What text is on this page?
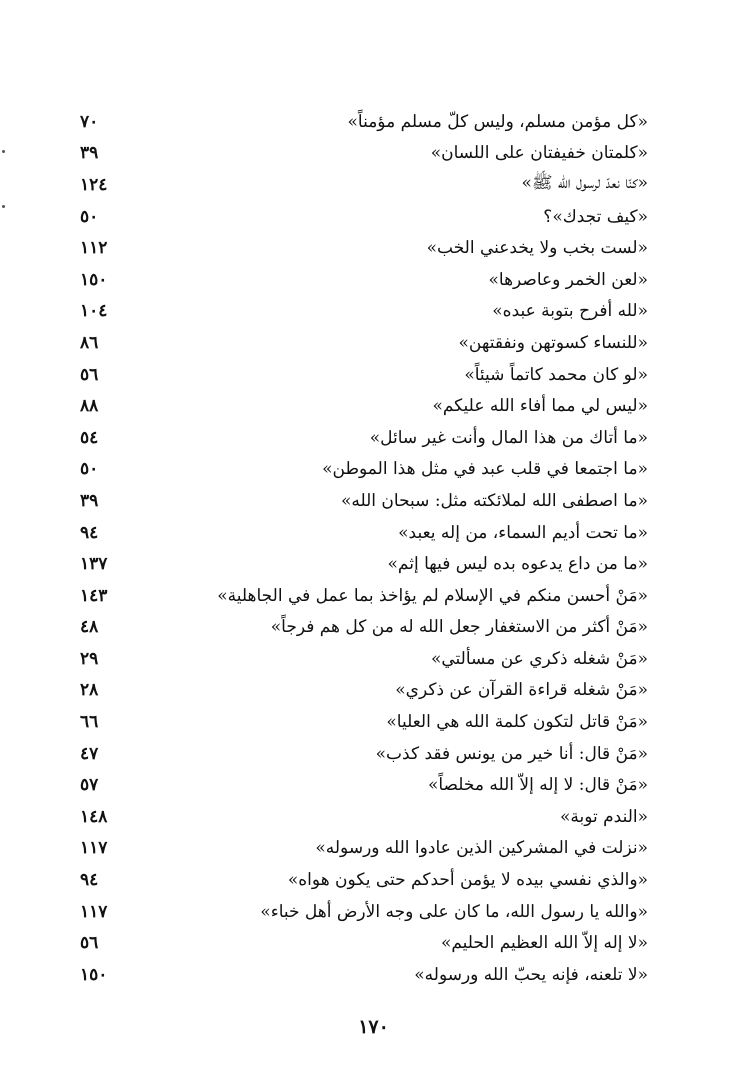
٧٠	«كل مؤمن مسلم، وليس كلّ مسلم مؤمناً»
٣٩	«كلمتان خفيفتان على اللسان»
١٢٤	«كنّا نعدّ لرسول الله ﷺ»
٥٠	«كيف تجدك»؟
١١٢	«لست بخب ولا يخدعني الخب»
١٥٠	«لعن الخمر وعاصرها»
١٠٤	«لله أفرح بتوبة عبده»
٨٦	«للنساء كسوتهن ونفقتهن»
٥٦	«لو كان محمد كاتماً شيئاً»
٨٨	«ليس لي مما أفاء الله عليكم»
٥٤	«ما أتاك من هذا المال وأنت غير سائل»
٥٠	«ما اجتمعا في قلب عبد في مثل هذا الموطن»
٣٩	«ما اصطفى الله لملائكته مثل: سبحان الله»
٩٤	«ما تحت أديم السماء، من إله يعبد»
١٣٧	«ما من داع يدعوه بده ليس فيها إثم»
١٤٣	«مَنْ أحسن منكم في الإسلام لم يؤاخذ بما عمل في الجاهلية»
٤٨	«مَنْ أكثر من الاستغفار جعل الله له من كل هم فرجاً»
٢٩	«مَنْ شغله ذكري عن مسألتي»
٢٨	«مَنْ شغله قراءة القرآن عن ذكري»
٦٦	«مَنْ قاتل لتكون كلمة الله هي العليا»
٤٧	«مَنْ قال: أنا خير من يونس فقد كذب»
٥٧	«مَنْ قال: لا إله إلاّ الله مخلصاً»
١٤٨	«الندم توبة»
١١٧	«نزلت في المشركين الذين عادوا الله ورسوله»
٩٤	«والذي نفسي بيده لا يؤمن أحدكم حتى يكون هواه»
١١٧	«والله يا رسول الله، ما كان على وجه الأرض أهل خباء»
٥٦	«لا إله إلاّ الله العظيم الحليم»
١٥٠	«لا تلعنه، فإنه يحبّ الله ورسوله»
١٧٠
